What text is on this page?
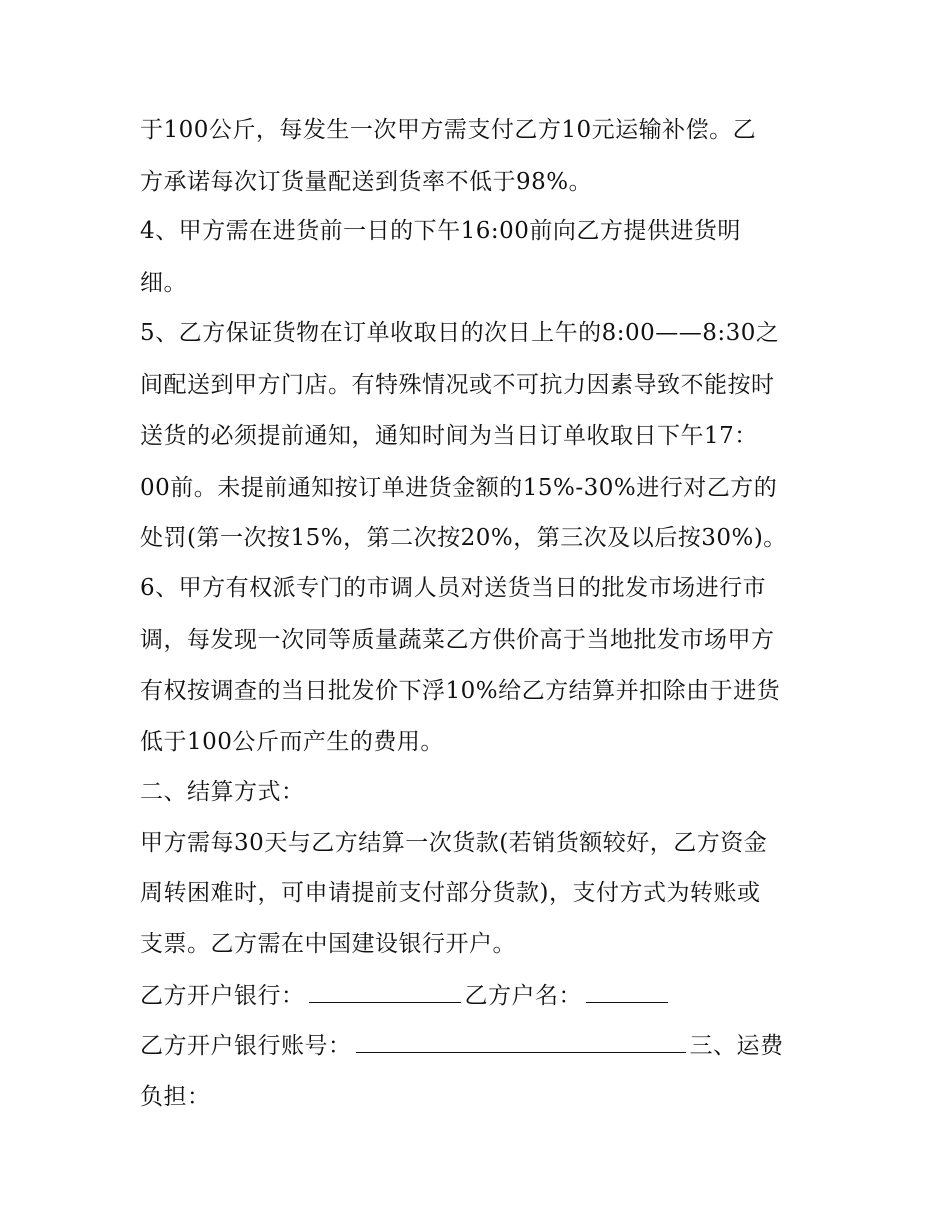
于100公斤，每发生一次甲方需支付乙方10元运输补偿。乙
方承诺每次订货量配送到货率不低于98%。
4、甲方需在进货前一日的下午16:00前向乙方提供进货明
细。
5、乙方保证货物在订单收取日的次日上午的8:00——8:30之
间配送到甲方门店。有特殊情况或不可抗力因素导致不能按时
送货的必须提前通知，通知时间为当日订单收取日下午17：
00前。未提前通知按订单进货金额的15%-30%进行对乙方的
处罚(第一次按15%，第二次按20%，第三次及以后按30%)。
6、甲方有权派专门的市调人员对送货当日的批发市场进行市
调，每发现一次同等质量蔬菜乙方供价高于当地批发市场甲方
有权按调查的当日批发价下浮10%给乙方结算并扣除由于进货
低于100公斤而产生的费用。
二、结算方式：
甲方需每30天与乙方结算一次货款(若销货额较好，乙方资金
周转困难时，可申请提前支付部分货款)，支付方式为转账或
支票。乙方需在中国建设银行开户。
乙方开户银行：	乙方户名：
乙方开户银行账号：	三、运费
负担：
